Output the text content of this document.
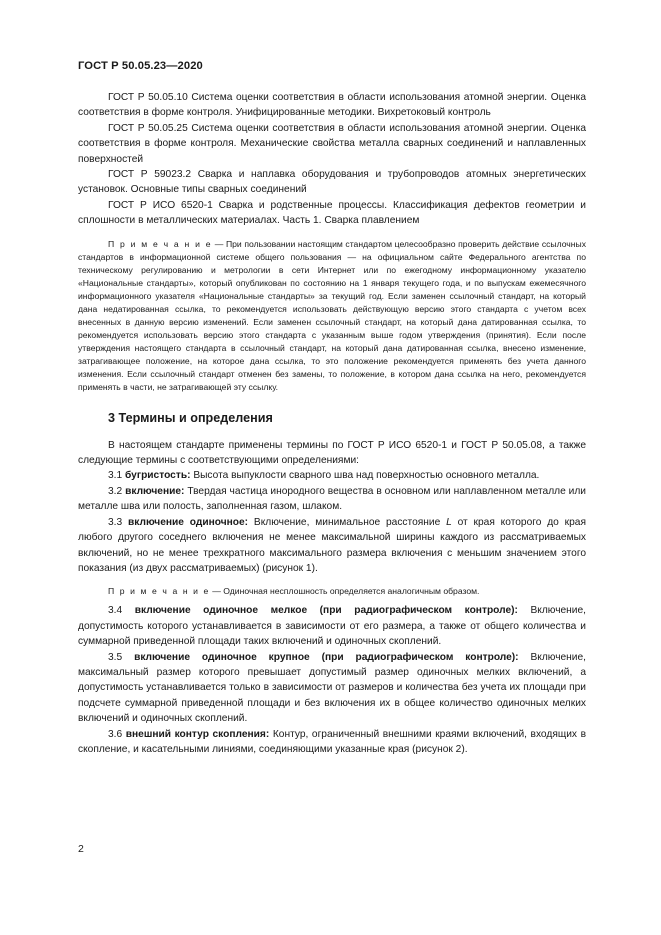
ГОСТ Р 50.05.23—2020

ГОСТ Р 50.05.10 Система оценки соответствия в области использования атомной энергии. Оценка соответствия в форме контроля. Унифицированные методики. Вихретоковый контроль

ГОСТ Р 50.05.25 Система оценки соответствия в области использования атомной энергии. Оценка соответствия в форме контроля. Механические свойства металла сварных соединений и наплавленных поверхностей

ГОСТ Р 59023.2 Сварка и наплавка оборудования и трубопроводов атомных энергетических установок. Основные типы сварных соединений

ГОСТ Р ИСО 6520-1 Сварка и родственные процессы. Классификация дефектов геометрии и сплошности в металлических материалах. Часть 1. Сварка плавлением

П р и м е ч а н и е — При пользовании настоящим стандартом целесообразно проверить действие ссылочных стандартов в информационной системе общего пользования — на официальном сайте Федерального агентства по техническому регулированию и метрологии в сети Интернет или по ежегодному информационному указателю «Национальные стандарты», который опубликован по состоянию на 1 января текущего года, и по выпускам ежемесячного информационного указателя «Национальные стандарты» за текущий год. Если заменен ссылочный стандарт, на который дана недатированная ссылка, то рекомендуется использовать действующую версию этого стандарта с учетом всех внесенных в данную версию изменений. Если заменен ссылочный стандарт, на который дана датированная ссылка, то рекомендуется использовать версию этого стандарта с указанным выше годом утверждения (принятия). Если после утверждения настоящего стандарта в ссылочный стандарт, на который дана датированная ссылка, внесено изменение, затрагивающее положение, на которое дана ссылка, то это положение рекомендуется применять без учета данного изменения. Если ссылочный стандарт отменен без замены, то положение, в котором дана ссылка на него, рекомендуется применять в части, не затрагивающей эту ссылку.

3 Термины и определения

В настоящем стандарте применены термины по ГОСТ Р ИСО 6520-1 и ГОСТ Р 50.05.08, а также следующие термины с соответствующими определениями:

3.1 бугристость: Высота выпуклости сварного шва над поверхностью основного металла.

3.2 включение: Твердая частица инородного вещества в основном или наплавленном металле или металле шва или полость, заполненная газом, шлаком.

3.3 включение одиночное: Включение, минимальное расстояние L от края которого до края любого другого соседнего включения не менее максимальной ширины каждого из рассматриваемых включений, но не менее трехкратного максимального размера включения с меньшим значением этого показания (из двух рассматриваемых) (рисунок 1).

П р и м е ч а н и е — Одиночная несплошность определяется аналогичным образом.

3.4 включение одиночное мелкое (при радиографическом контроле): Включение, допустимость которого устанавливается в зависимости от его размера, а также от общего количества и суммарной приведенной площади таких включений и одиночных скоплений.

3.5 включение одиночное крупное (при радиографическом контроле): Включение, максимальный размер которого превышает допустимый размер одиночных мелких включений, а допустимость устанавливается только в зависимости от размеров и количества без учета их площади при подсчете суммарной приведенной площади и без включения их в общее количество одиночных мелких включений и одиночных скоплений.

3.6 внешний контур скопления: Контур, ограниченный внешними краями включений, входящих в скопление, и касательными линиями, соединяющими указанные края (рисунок 2).

2
